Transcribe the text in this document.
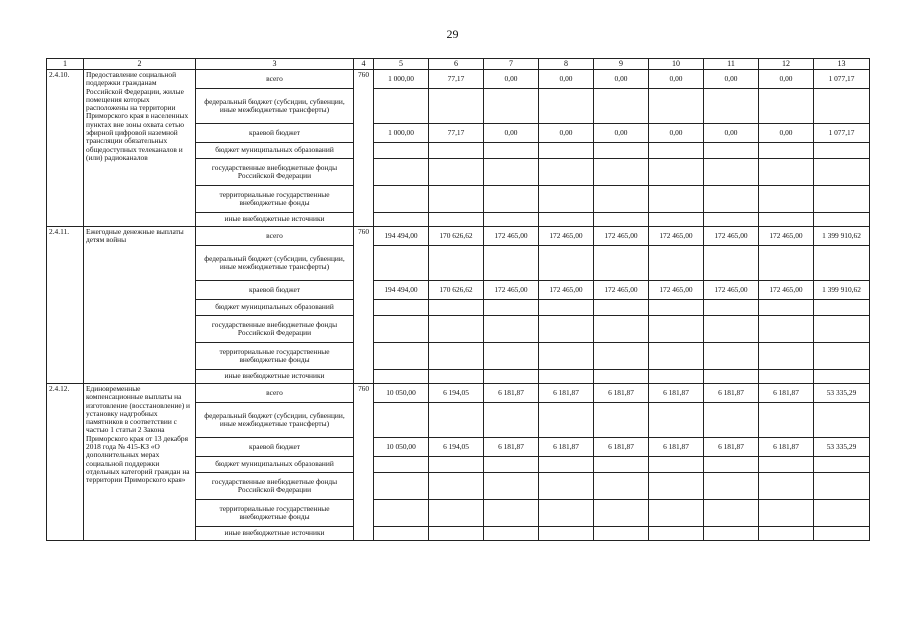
29
1	2	3	4	5	6	7	8	9	10	11	12	13
2.4.10.	Предоставление социальной поддержки гражданам Российской Федерации, жилые помещения которых расположены на территории Приморского края в населенных пунктах вне зоны охвата сетью эфирной цифровой наземной трансляции обязательных общедоступных телеканалов и (или) радиоканалов	всего	760	1 000,00	77,17	0,00	0,00	0,00	0,00	0,00	0,00	1 077,17
		федеральный бюджет (субсидии, субвенции, иные межбюджетные трансферты)										
		краевой бюджет		1 000,00	77,17	0,00	0,00	0,00	0,00	0,00	0,00	1 077,17
		бюджет муниципальных образований										
		государственные внебюджетные фонды Российской Федерации										
		территориальные государственные внебюджетные фонды										
		иные внебюджетные источники										
2.4.11.	Ежегодные денежные выплаты детям войны	всего	760	194 494,00	170 626,62	172 465,00	172 465,00	172 465,00	172 465,00	172 465,00	172 465,00	1 399 910,62
		федеральный бюджет (субсидии, субвенции, иные межбюджетные трансферты)										
		краевой бюджет		194 494,00	170 626,62	172 465,00	172 465,00	172 465,00	172 465,00	172 465,00	172 465,00	1 399 910,62
		бюджет муниципальных образований										
		государственные внебюджетные фонды Российской Федерации										
		территориальные государственные внебюджетные фонды										
		иные внебюджетные источники										
2.4.12.	Единовременные компенсационные выплаты на изготовление (восстановление) и установку надгробных памятников в соответствии с частью 1 статьи 2 Закона Приморского края от 13 декабря 2018 года № 415-КЗ «О дополнительных мерах социальной поддержки отдельных категорий граждан на территории Приморского края»	всего	760	10 050,00	6 194,05	6 181,87	6 181,87	6 181,87	6 181,87	6 181,87	6 181,87	53 335,29
		федеральный бюджет (субсидии, субвенции, иные межбюджетные трансферты)										
		краевой бюджет		10 050,00	6 194,05	6 181,87	6 181,87	6 181,87	6 181,87	6 181,87	6 181,87	53 335,29
		бюджет муниципальных образований										
		государственные внебюджетные фонды Российской Федерации										
		территориальные государственные внебюджетные фонды										
		иные внебюджетные источники										
